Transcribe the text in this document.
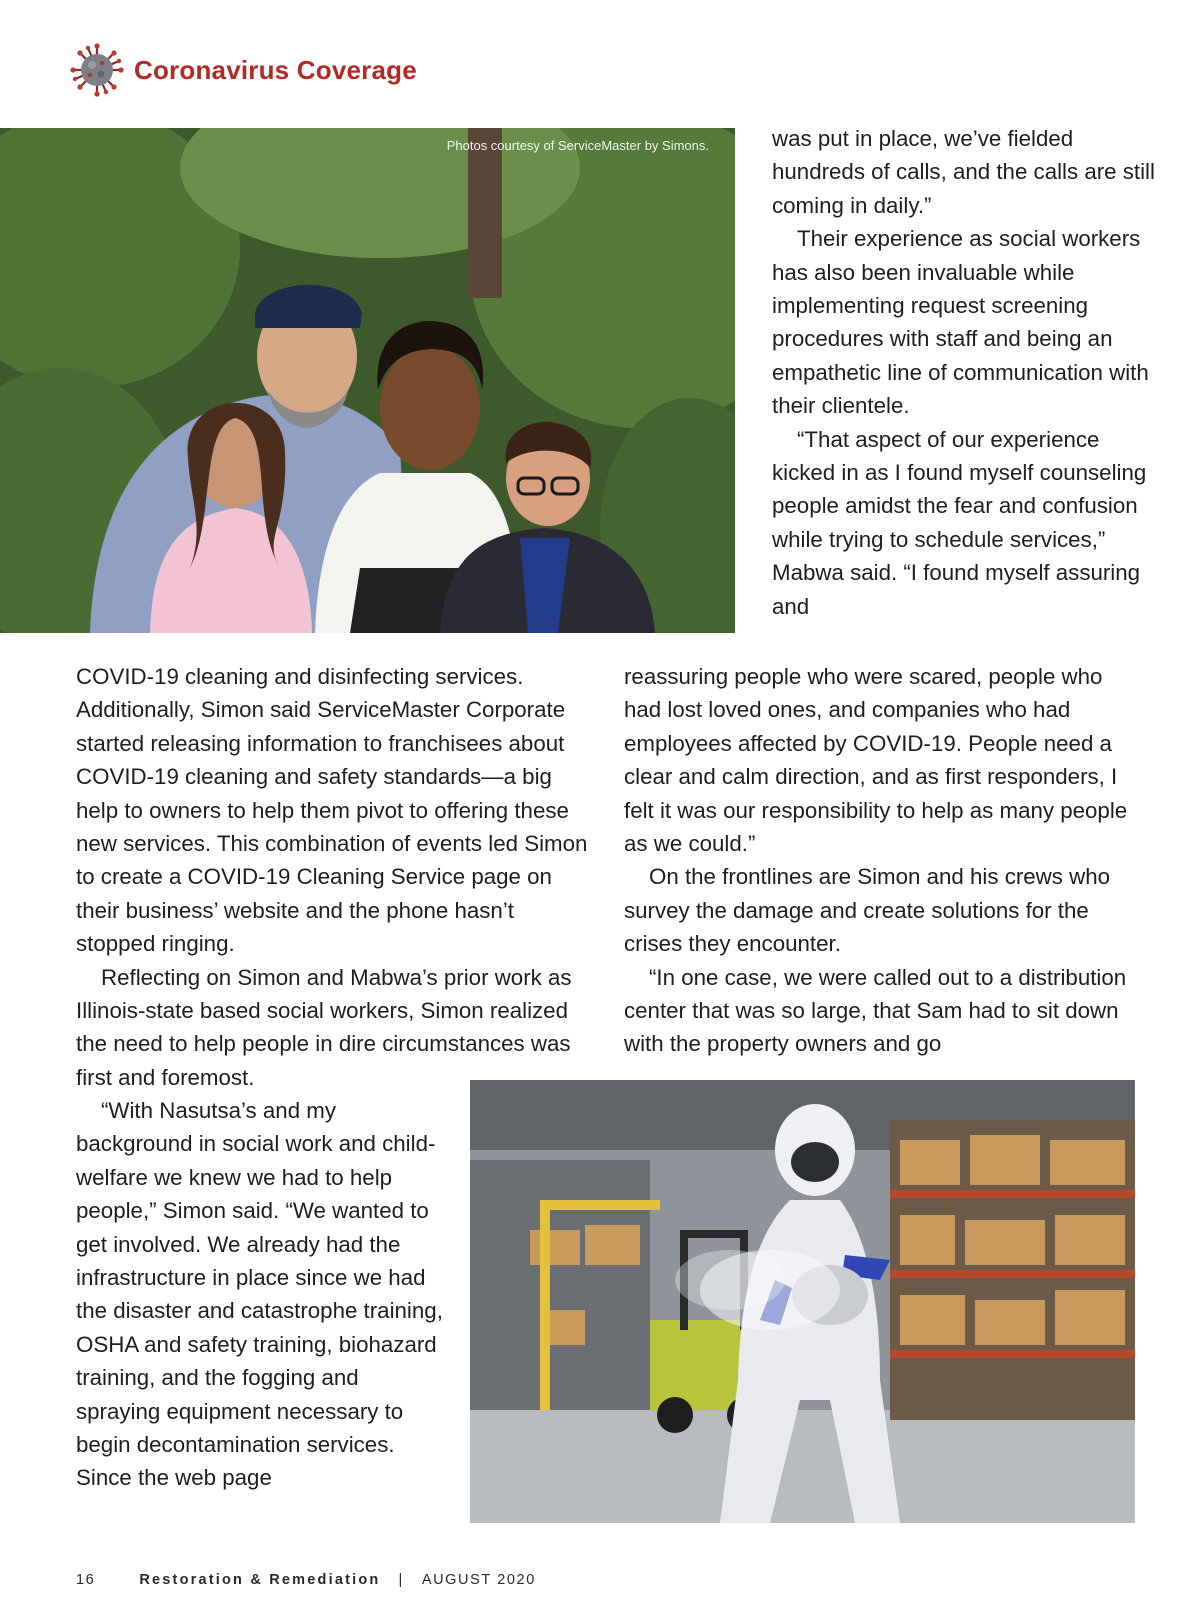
Coronavirus Coverage
Photos courtesy of ServiceMaster by Simons.	was put in place, we’ve fielded hundreds of calls, and the calls are still coming in daily.”

Their experience as social workers has also been invaluable while implementing request screening procedures with staff and being an empathetic line of communication with their clientele.

“That aspect of our experience kicked in as I found myself counseling people amidst the fear and confusion while trying to schedule services,” Mabwa said. “I found myself assuring and

COVID-19 cleaning and disinfecting services. Additionally, Simon said ServiceMaster Corporate started releasing information to franchisees about COVID-19 cleaning and safety standards—a big help to owners to help them pivot to offering these new services. This combination of events led Simon to create a COVID-19 Cleaning Service page on their business’ website and the phone hasn’t stopped ringing.

Reflecting on Simon and Mabwa’s prior work as Illinois-state based social workers, Simon realized the need to help people in dire circumstances was first and foremost.

“With Nasutsa’s and my background in social work and child-welfare we knew we had to help people,” Simon said. “We wanted to get involved. We already had the infrastructure in place since we had the disaster and catastrophe training, OSHA and safety training, biohazard training, and the fogging and spraying equipment necessary to begin decontamination services. Since the web page

reassuring people who were scared, people who had lost loved ones, and companies who had employees affected by COVID-19. People need a clear and calm direction, and as first responders, I felt it was our responsibility to help as many people as we could.”

On the frontlines are Simon and his crews who survey the damage and create solutions for the crises they encounter.

“In one case, we were called out to a distribution center that was so large, that Sam had to sit down with the property owners and go

16	Restoration & Remediation | AUGUST 2020
